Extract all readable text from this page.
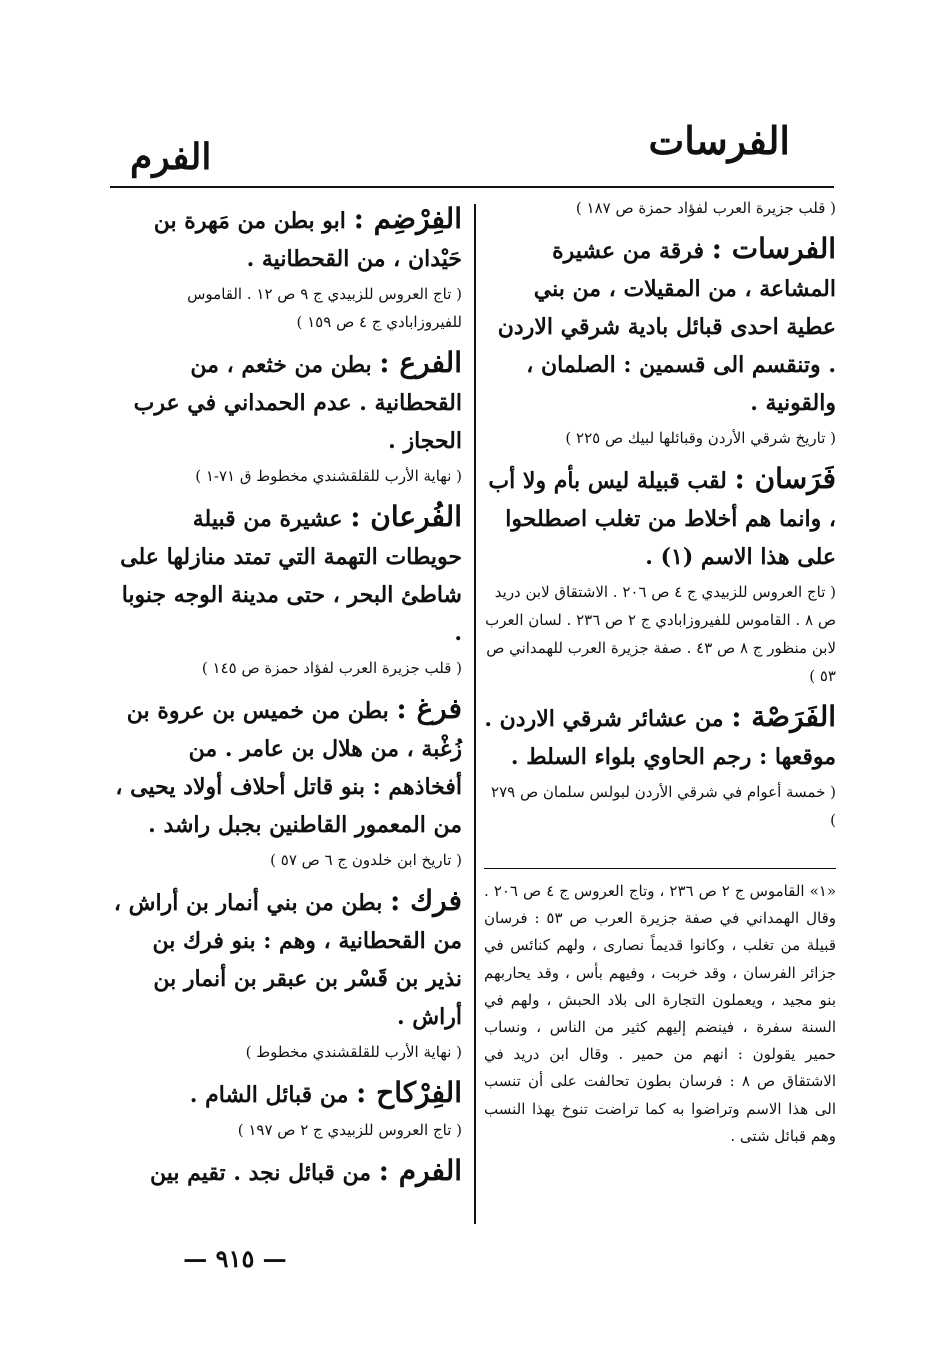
الفرسات
الفرم
( قلب جزيرة العرب لفؤاد حمزة ص ١٨٧ )

الفرسات : فرقة من عشيرة المشاعة ، من المقيلات ، من بني عطية احدى قبائل بادية شرقي الاردن . وتنقسم الى قسمين : الصلمان ، والقونية .

( تاريخ شرقي الأردن وقبائلها لبيك ص ٢٢٥ )

فَرَسان : لقب قبيلة ليس بأم ولا أب ، وانما هم أخلاط من تغلب اصطلحوا على هذا الاسم (١) .

( تاج العروس للزبيدي ج ٤ ص ٢٠٦ . الاشتقاق لابن دريد ص ٨ . القاموس للفيروزابادي ج ٢ ص ٢٣٦ . لسان العرب لابن منظور ج ٨ ص ٤٣ . صفة جزيرة العرب للهمداني ص ٥٣ )

الفَرَصْة : من عشائر شرقي الاردن . موقعها : رجم الحاوي بلواء السلط .

( خمسة أعوام في شرقي الأردن لبولس سلمان ص ٢٧٩ )
«١» القاموس ج ٢ ص ٢٣٦ ، وتاج العروس ج ٤ ص ٢٠٦ . وقال الهمداني في صفة جزيرة العرب ص ٥٣ : فرسان قبيلة من تغلب ، وكانوا قديماً نصارى ، ولهم كنائس في جزائر الفرسان ، وقد خربت ، وفيهم بأس ، وقد يحاربهم بنو مجيد ، ويعملون التجارة الى بلاد الحبش ، ولهم في السنة سفرة ، فينضم إليهم كثير من الناس ، ونساب حمير يقولون : انهم من حمير . وقال ابن دريد في الاشتقاق ص ٨ : فرسان بطون تحالفت على أن تنسب الى هذا الاسم وتراضوا به كما تراضت تنوخ بهذا النسب وهم قبائل شتى .

الفِرْضِم : ابو بطن من مَهرة بن حَيْدان ، من القحطانية .

( تاج العروس للزبيدي ج ٩ ص ١٢ . القاموس للفيروزابادي ج ٤ ص ١٥٩ )

الفرع : بطن من خثعم ، من القحطانية . عدم الحمداني في عرب الحجاز .

( نهاية الأرب للقلقشندي مخطوط ق ٧١-١ )

الفُرعان : عشيرة من قبيلة حويطات التهمة التي تمتد منازلها على شاطئ البحر ، حتى مدينة الوجه جنوبا .

( قلب جزيرة العرب لفؤاد حمزة ص ١٤٥ )

فرغ : بطن من خميس بن عروة بن زُغْبة ، من هلال بن عامر . من أفخاذهم : بنو قاتل أحلاف أولاد يحيى ، من المعمور القاطنين بجبل راشد .

( تاريخ ابن خلدون ج ٦ ص ٥٧ )

فرك : بطن من بني أنمار بن أراش ، من القحطانية ، وهم : بنو فرك بن نذير بن قَسْر بن عبقر بن أنمار بن أراش .

( نهاية الأرب للقلقشندي مخطوط )

الفِرْكاح : من قبائل الشام .

( تاج العروس للزبيدي ج ٢ ص ١٩٧ )

الفرم : من قبائل نجد . تقيم بين

— ٩١٥ —
